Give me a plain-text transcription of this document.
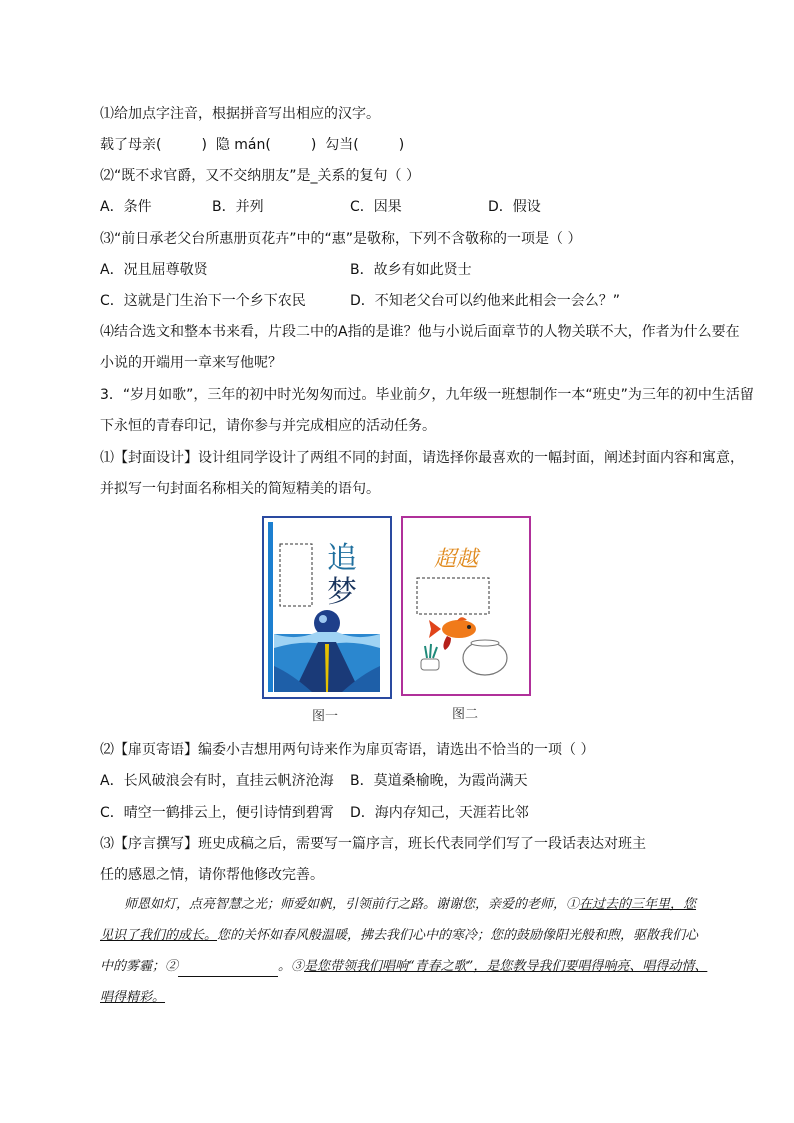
⑴给加点字注音，根据拼音写出相应的汉字。
载了母亲(	) 隐 mán(	) 勾当(	)
⑵“既不求官爵，又不交纳朋友”是_关系的复句（ ）
A．条件	B．并列	C．因果	D．假设
⑶“前日承老父台所惠册页花卉”中的“惠”是敬称，下列不含敬称的一项是（ ）
A．况且屈尊敬贤	B．故乡有如此贤士
C．这就是门生治下一个乡下农民	D．不知老父台可以约他来此相会一会么？”
⑷结合选文和整本书来看，片段二中的A指的是谁？他与小说后面章节的人物关联不大，作者为什么要在
小说的开端用一章来写他呢？
3．“岁月如歌”，三年的初中时光匆匆而过。毕业前夕，九年级一班想制作一本“班史”为三年的初中生活留
下永恒的青春印记，请你参与并完成相应的活动任务。
⑴【封面设计】设计组同学设计了两组不同的封面，请选择你最喜欢的一幅封面，阐述封面内容和寓意，
并拟写一句封面名称相关的简短精美的语句。
追
梦
图一
超越
图二
⑵【扉页寄语】编委小吉想用两句诗来作为扉页寄语，请选出不恰当的一项（ ）
A．长风破浪会有时，直挂云帆济沧海 B．莫道桑榆晚，为霞尚满天
C．晴空一鹤排云上，便引诗情到碧霄 D．海内存知己，天涯若比邻
⑶【序言撰写】班史成稿之后，需要写一篇序言，班长代表同学们写了一段话表达对班主
任的感恩之情，请你帮他修改完善。
师恩如灯，点亮智慧之光；师爱如帆，引领前行之路。谢谢您，亲爱的老师，①在过去的三年里，您
见识了我们的成长。您的关怀如春风般温暖，拂去我们心中的寒冷；您的鼓励像阳光般和煦，驱散我们心
中的雾霾；②	。③是您带领我们唱响“青春之歌”，是您教导我们要唱得响亮、唱得动情、
唱得精彩。
